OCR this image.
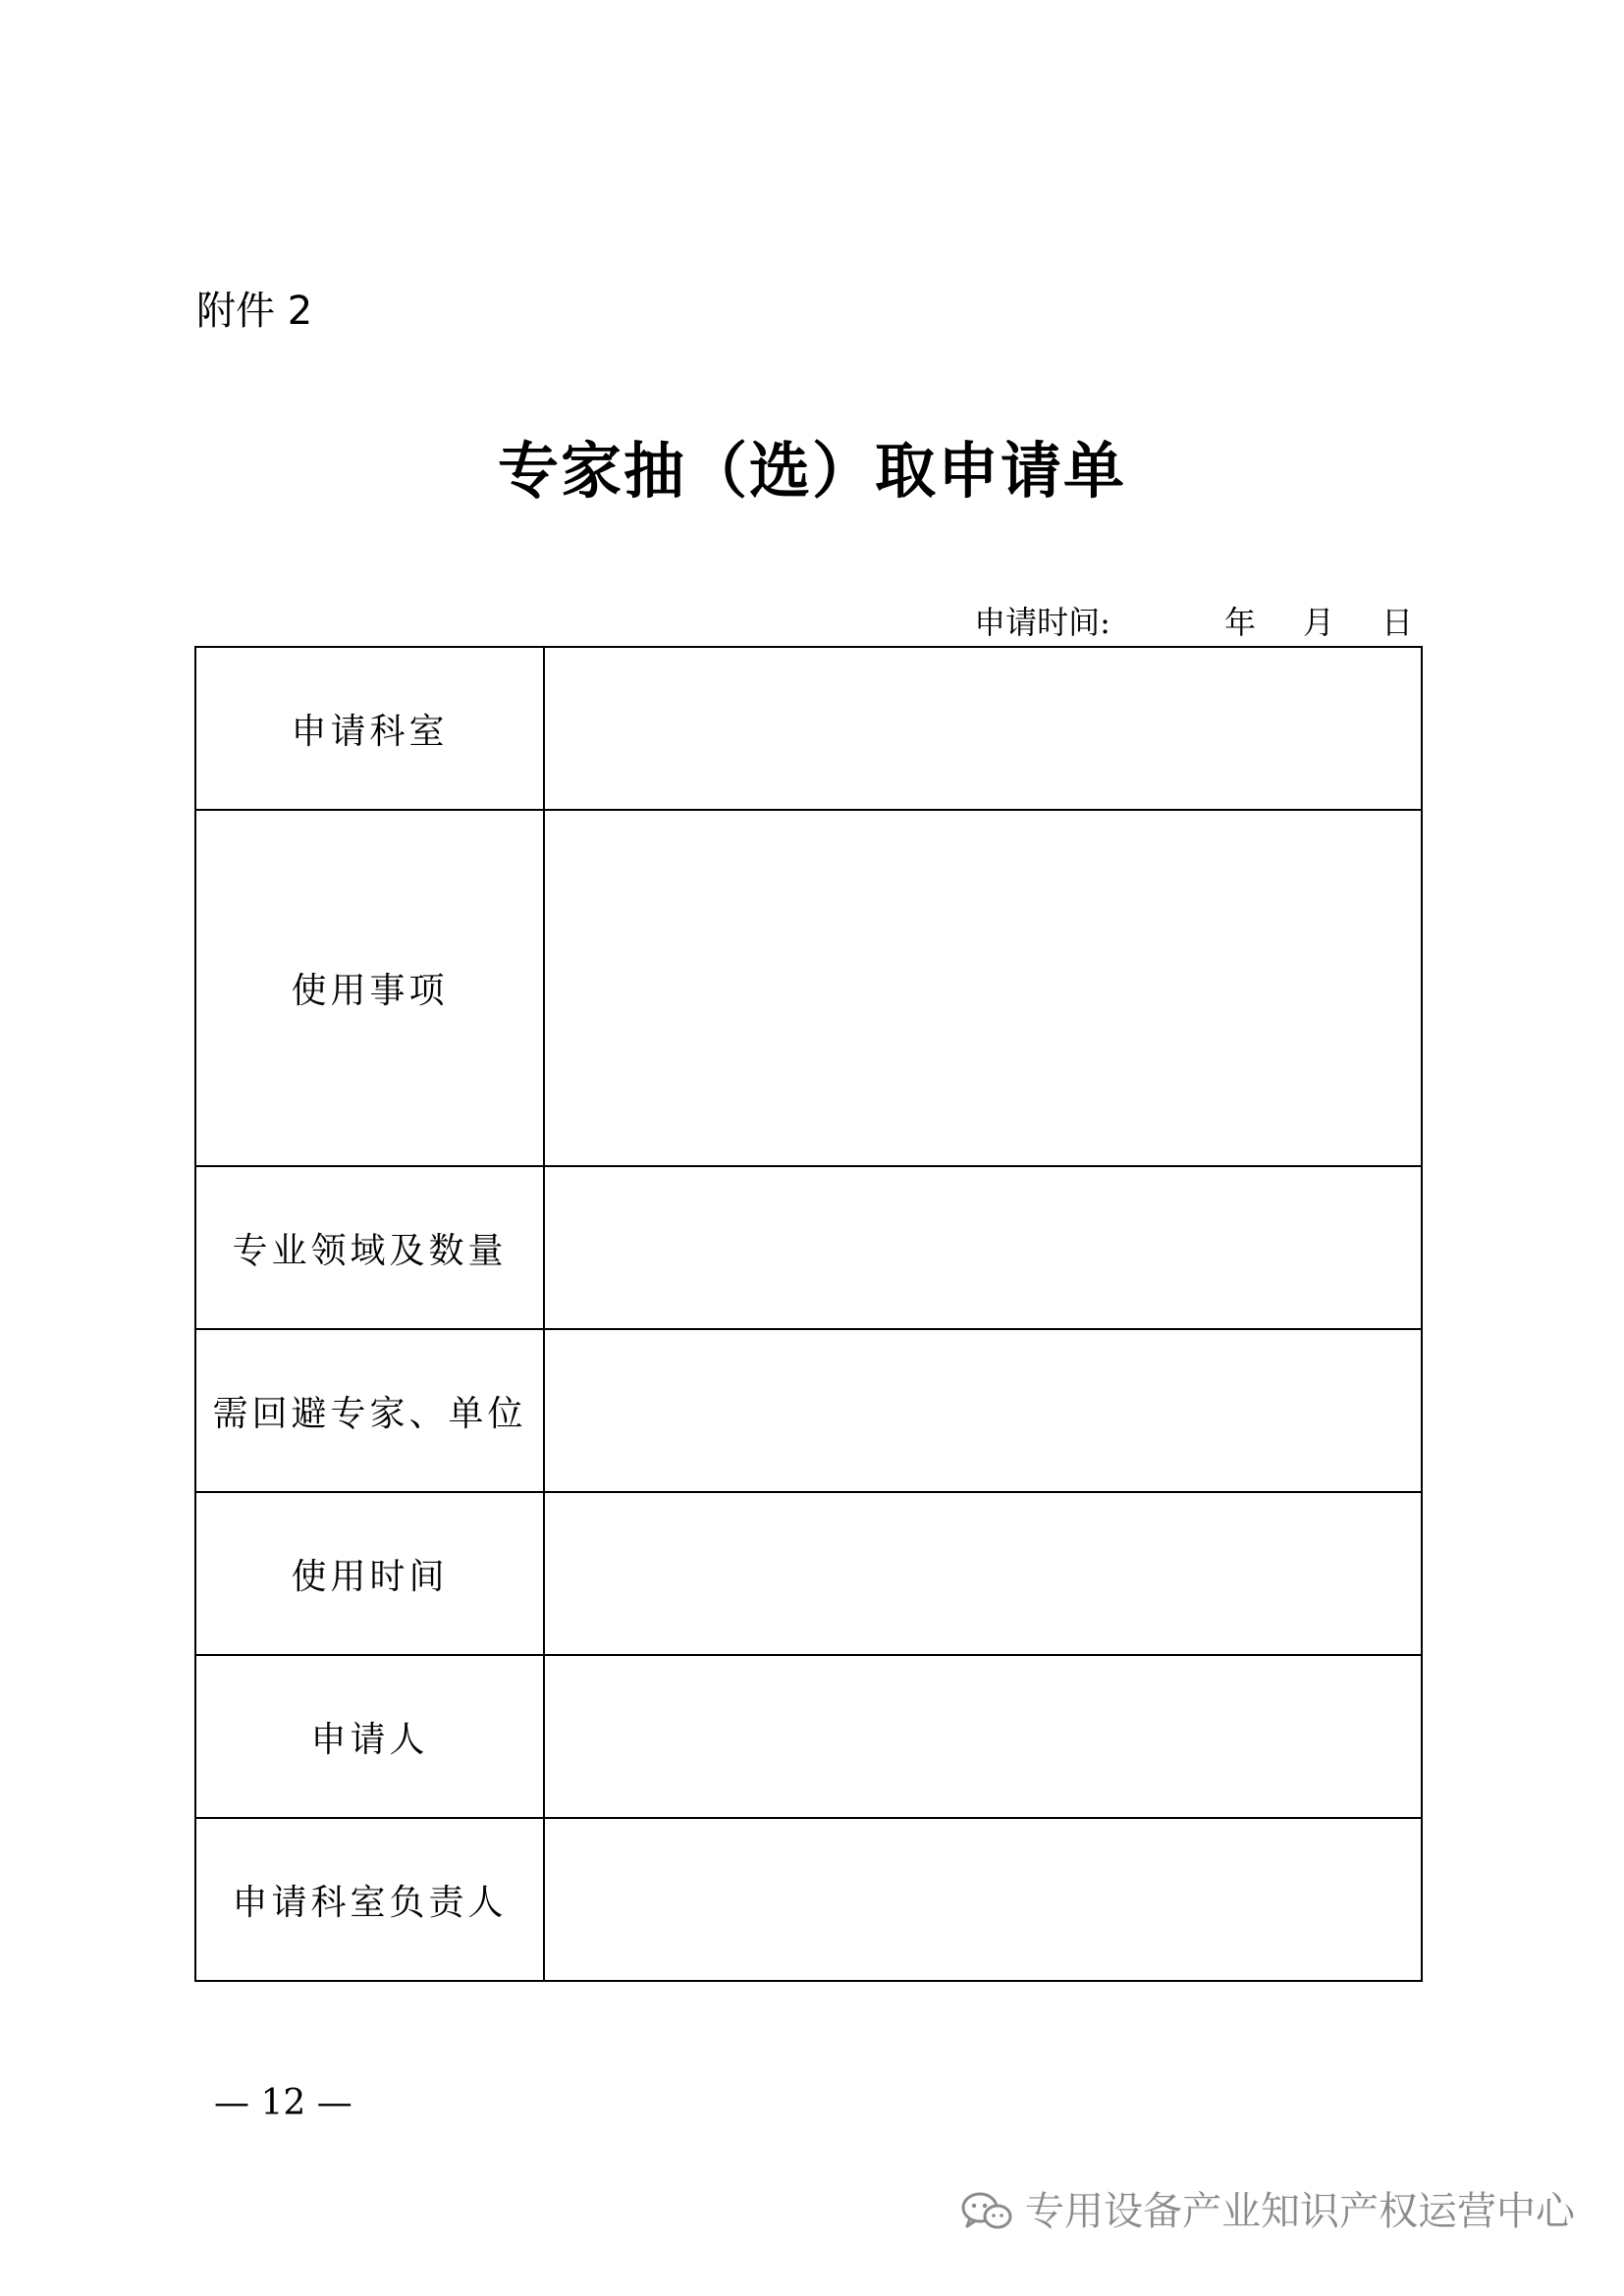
附件 2
专家抽（选）取申请单
申请时间:	年 月 日
申请科室	
使用事项	
专业领域及数量	
需回避专家、单位	
使用时间	
申请人	
申请科室负责人	
— 12 —
专用设备产业知识产权运营中心
